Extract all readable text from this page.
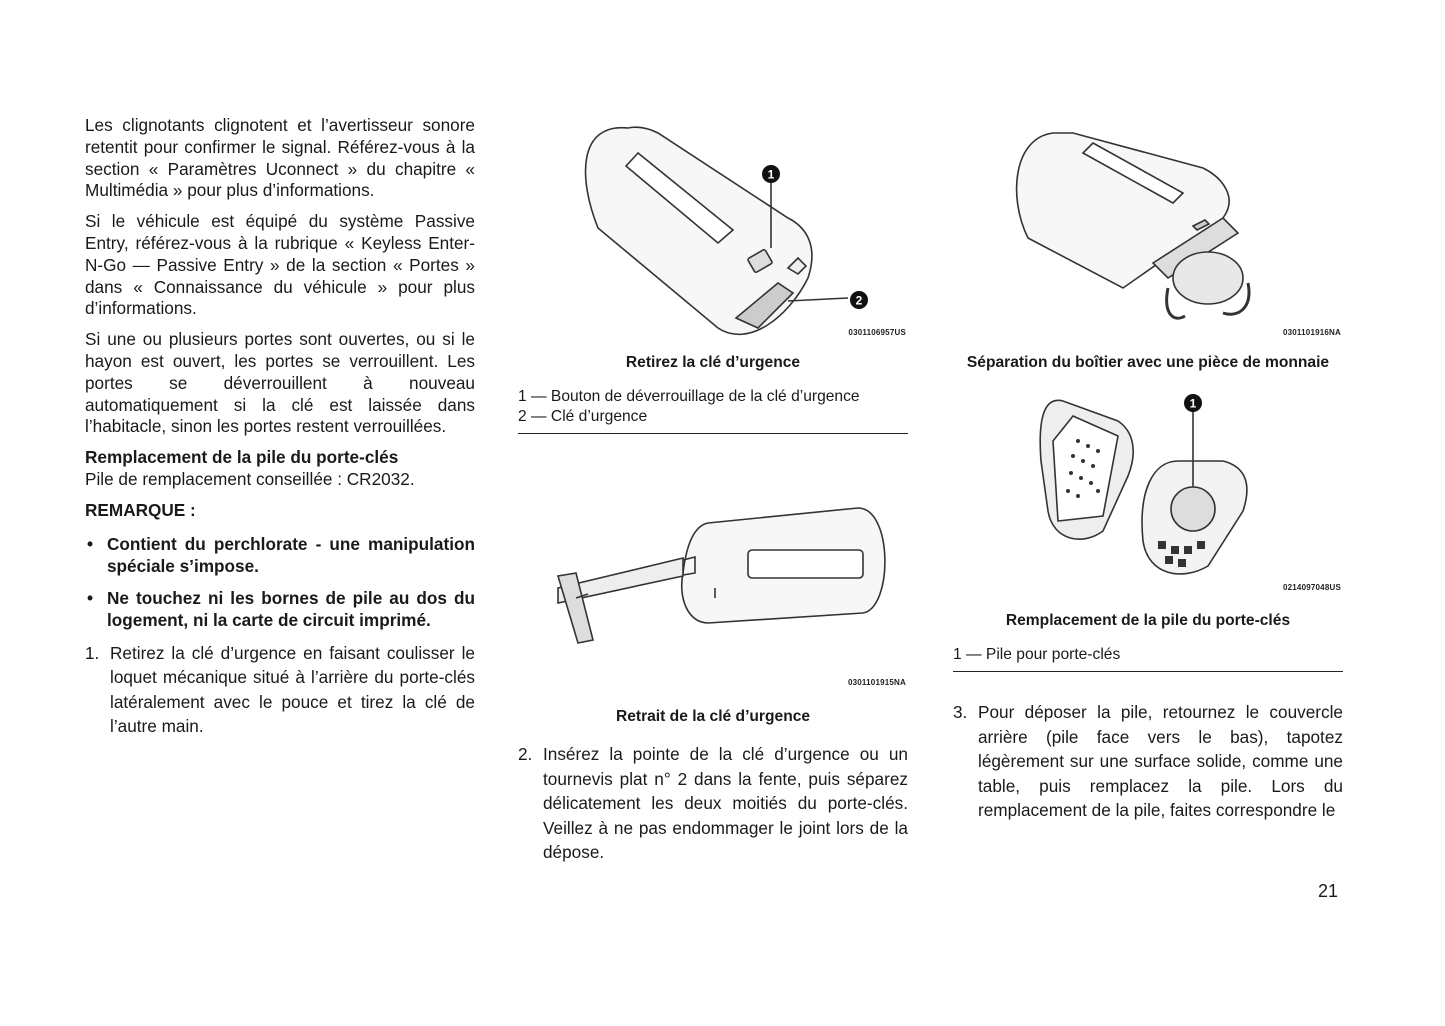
Les clignotants clignotent et l’avertisseur sonore retentit pour confirmer le signal. Référez-vous à la section « Paramètres Uconnect » du chapitre « Multimédia » pour plus d’informations.

Si le véhicule est équipé du système Passive Entry, référez-vous à la rubrique « Keyless Enter-N-Go — Passive Entry » de la section « Portes » dans « Connaissance du véhicule » pour plus d’informations.

Si une ou plusieurs portes sont ouvertes, ou si le hayon est ouvert, les portes se verrouillent. Les portes se déverrouillent à nouveau automatiquement si la clé est laissée dans l’habitacle, sinon les portes restent verrouillées.

Remplacement de la pile du porte-clés

Pile de remplacement conseillée : CR2032.

REMARQUE :

• Contient du perchlorate - une manipulation spéciale s’impose.
• Ne touchez ni les bornes de pile au dos du logement, ni la carte de circuit imprimé.
1. Retirez la clé d’urgence en faisant coulisser le loquet mécanique situé à l’arrière du porte-clés latéralement avec le pouce et tirez la clé de l’autre main.
1
2
0301106957US

Retirez la clé d’urgence

1 — Bouton de déverrouillage de la clé d’urgence
2 — Clé d’urgence
0301101915NA

Retrait de la clé d’urgence

2. Insérez la pointe de la clé d’urgence ou un tournevis plat n° 2 dans la fente, puis séparez délicatement les deux moitiés du porte-clés. Veillez à ne pas endommager le joint lors de la dépose.
0301101916NA

Séparation du boîtier avec une pièce de monnaie

1
0214097048US

Remplacement de la pile du porte-clés

1 — Pile pour porte-clés
3. Pour déposer la pile, retournez le couvercle arrière (pile face vers le bas), tapotez légèrement sur une surface solide, comme une table, puis remplacez la pile. Lors du remplacement de la pile, faites correspondre le
21
